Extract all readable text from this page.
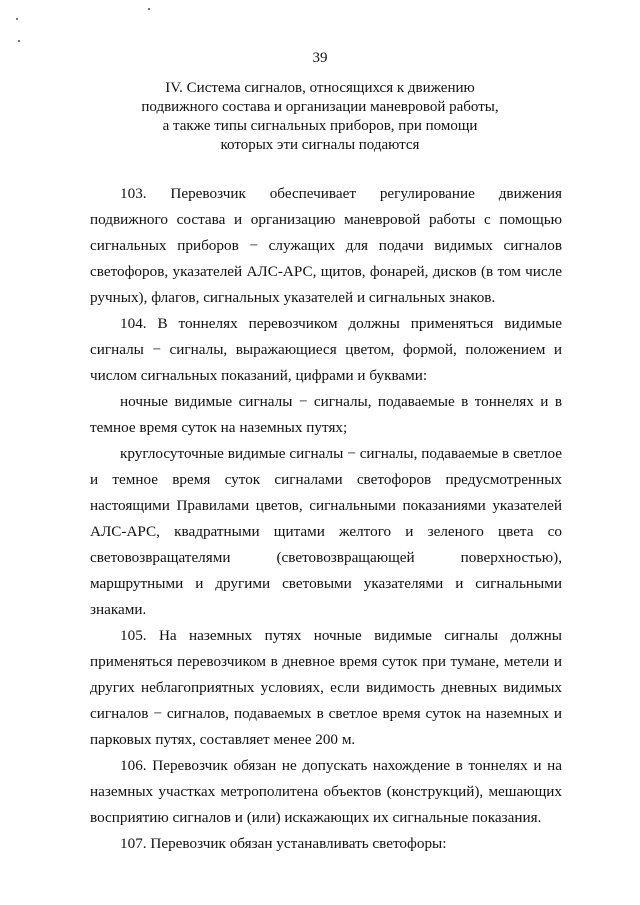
39
IV. Система сигналов, относящихся к движению
подвижного состава и организации маневровой работы,
а также типы сигнальных приборов, при помощи
которых эти сигналы подаются

103. Перевозчик обеспечивает регулирование движения подвижного состава и организацию маневровой работы с помощью сигнальных приборов − служащих для подачи видимых сигналов светофоров, указателей АЛС-АРС, щитов, фонарей, дисков (в том числе ручных), флагов, сигнальных указателей и сигнальных знаков.

104. В тоннелях перевозчиком должны применяться видимые сигналы − сигналы, выражающиеся цветом, формой, положением и числом сигнальных показаний, цифрами и буквами:

ночные видимые сигналы − сигналы, подаваемые в тоннелях и в темное время суток на наземных путях;

круглосуточные видимые сигналы − сигналы, подаваемые в светлое и темное время суток сигналами светофоров предусмотренных настоящими Правилами цветов, сигнальными показаниями указателей АЛС-АРС, квадратными щитами желтого и зеленого цвета со световозвращателями (световозвращающей поверхностью), маршрутными и другими световыми указателями и сигнальными знаками.

105. На наземных путях ночные видимые сигналы должны применяться перевозчиком в дневное время суток при тумане, метели и других неблагоприятных условиях, если видимость дневных видимых сигналов − сигналов, подаваемых в светлое время суток на наземных и парковых путях, составляет менее 200 м.

106. Перевозчик обязан не допускать нахождение в тоннелях и на наземных участках метрополитена объектов (конструкций), мешающих восприятию сигналов и (или) искажающих их сигнальные показания.

107. Перевозчик обязан устанавливать светофоры:
